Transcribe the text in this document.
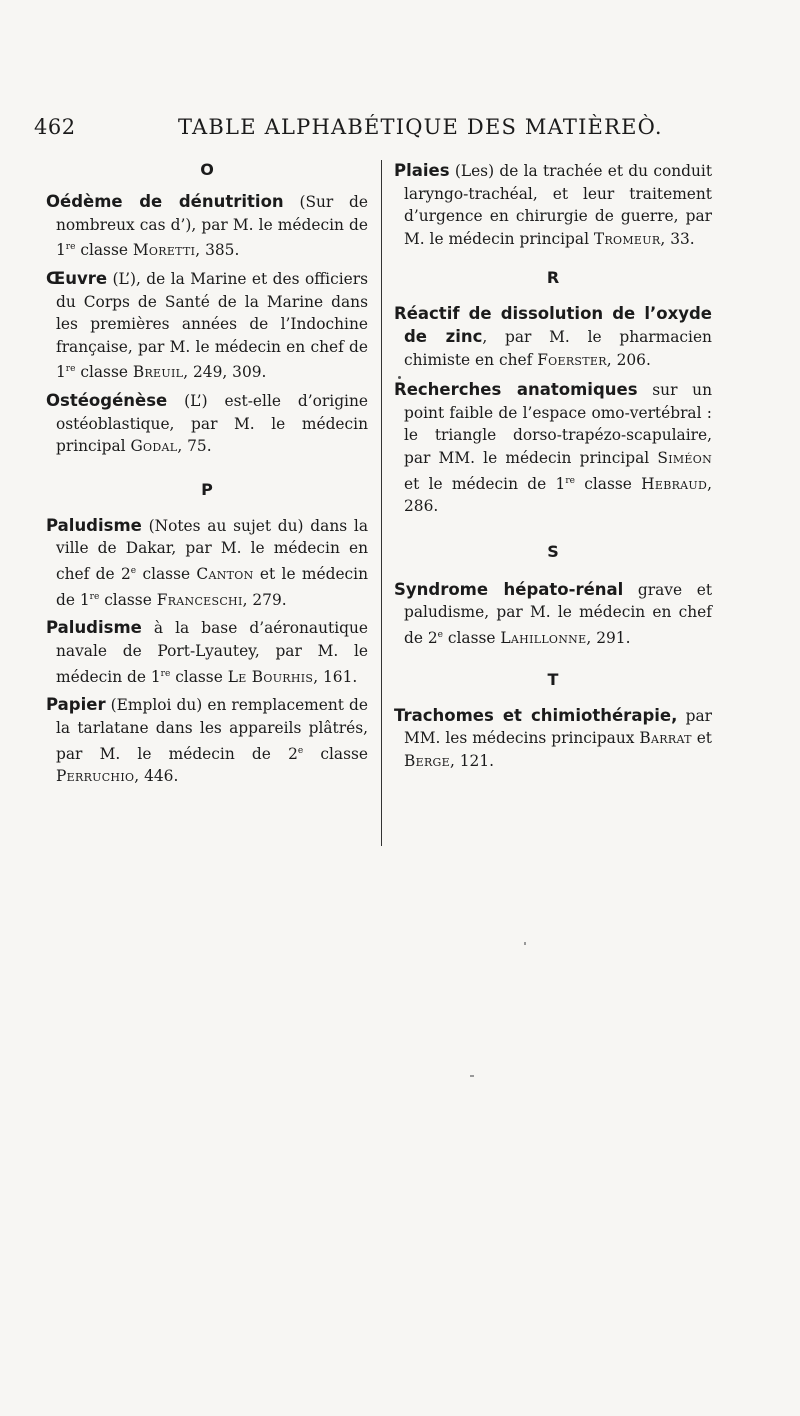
462	TABLE ALPHABÉTIQUE DES MATIÈREÒ.
O
Oédème de dénutrition (Sur de nombreux cas d’), par M. le médecin de 1re classe Moretti, 385.
Œuvre (L’), de la Marine et des officiers du Corps de Santé de la Marine dans les premières années de l’Indochine française, par M. le médecin en chef de 1re classe Breuil, 249, 309.
Ostéogénèse (L’) est-elle d’origine ostéoblastique, par M. le médecin principal Godal, 75.
P
Paludisme (Notes au sujet du) dans la ville de Dakar, par M. le médecin en chef de 2e classe Canton et le médecin de 1re classe Franceschi, 279.
Paludisme à la base d’aéronautique navale de Port-Lyautey, par M. le médecin de 1re classe Le Bourhis, 161.
Papier (Emploi du) en remplacement de la tarlatane dans les appareils plâtrés, par M. le médecin de 2e classe Perruchio, 446.
Plaies (Les) de la trachée et du conduit laryngo-trachéal, et leur traitement d’urgence en chirurgie de guerre, par M. le médecin principal Tromeur, 33.
R
Réactif de dissolution de l’oxyde de zinc, par M. le pharmacien chimiste en chef Foerster, 206.
Recherches anatomiques sur un point faible de l’espace omo-vertébral : le triangle dorso-trapézo-scapulaire, par MM. le médecin principal Siméon et le médecin de 1re classe Hebraud, 286.
S
Syndrome hépato-rénal grave et paludisme, par M. le médecin en chef de 2e classe Lahillonne, 291.
T
Trachomes et chimiothérapie, par MM. les médecins principaux Barrat et Berge, 121.
